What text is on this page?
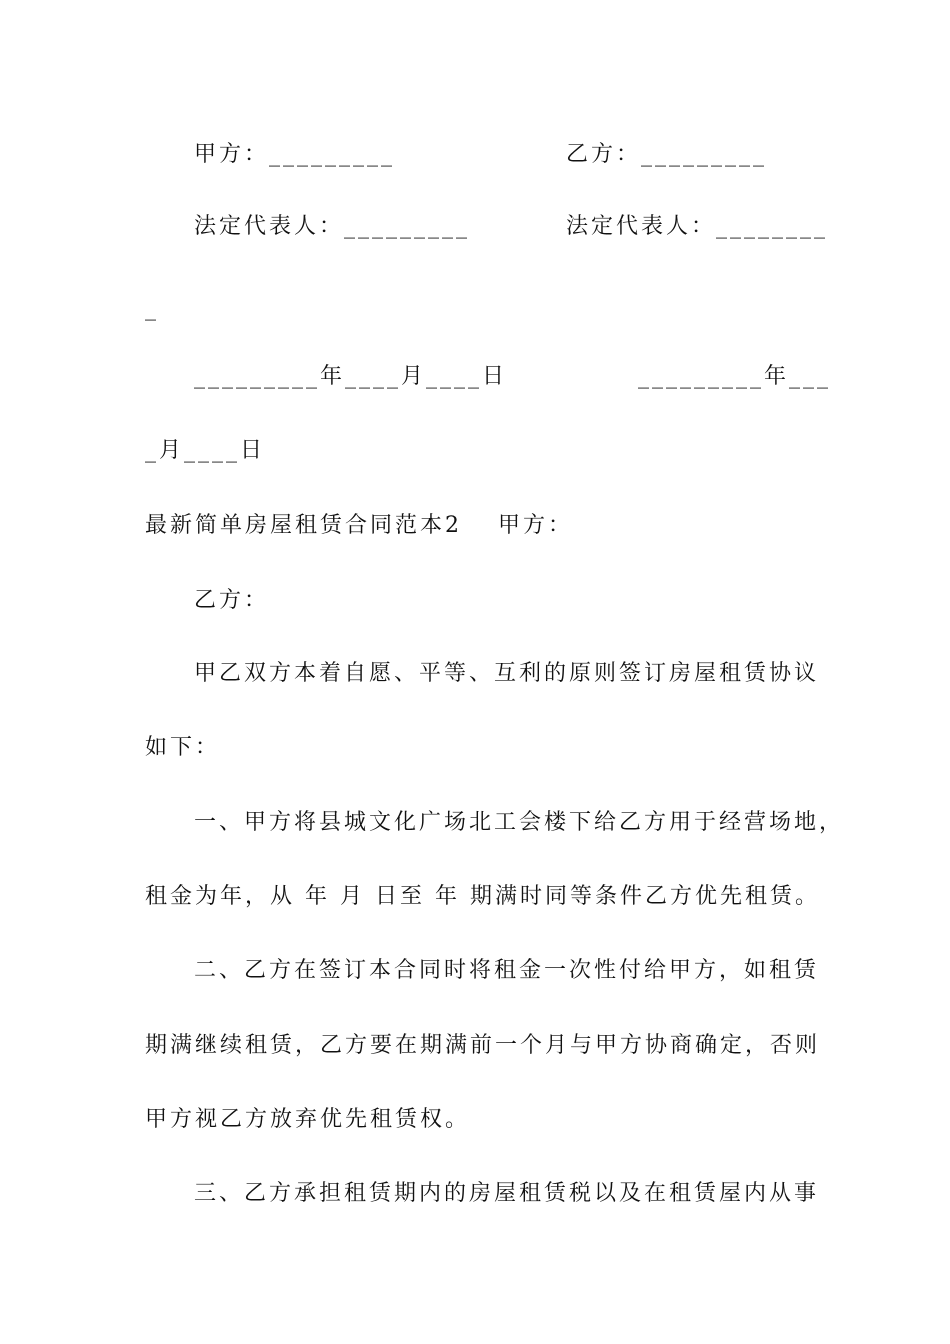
甲方：_________	乙方：_________
法定代表人：_________	法定代表人：________
_
_________年____月____日	_________年___
_月____日
最新简单房屋租赁合同范本2 甲方：
乙方：
甲乙双方本着自愿、平等、互利的原则签订房屋租赁协议
如下：
一、甲方将县城文化广场北工会楼下给乙方用于经营场地，
租金为年，从 年 月 日至 年 期满时同等条件乙方优先租赁。
二、乙方在签订本合同时将租金一次性付给甲方，如租赁
期满继续租赁，乙方要在期满前一个月与甲方协商确定，否则
甲方视乙方放弃优先租赁权。
三、乙方承担租赁期内的房屋租赁税以及在租赁屋内从事
